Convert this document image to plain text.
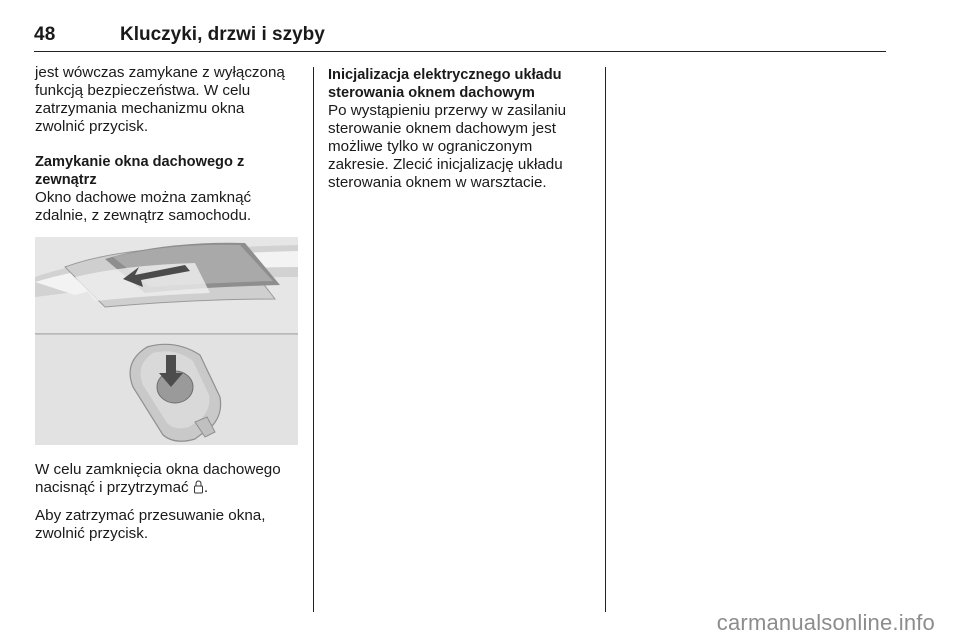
48	Kluczyki, drzwi i szyby

jest wówczas zamykane z wyłączoną

funkcją bezpieczeństwa. W celu

zatrzymania mechanizmu okna

zwolnić przycisk.

Zamykanie okna dachowego z

zewnątrz

Okno dachowe można zamknąć

zdalnie, z zewnątrz samochodu.

W celu zamknięcia okna dachowego

nacisnąć i przytrzymać .

Aby zatrzymać przesuwanie okna,

zwolnić przycisk.

Inicjalizacja elektrycznego układu

sterowania oknem dachowym

Po wystąpieniu przerwy w zasilaniu

sterowanie oknem dachowym jest

możliwe tylko w ograniczonym

zakresie. Zlecić inicjalizację układu

sterowania oknem w warsztacie.

carmanualsonline.info
